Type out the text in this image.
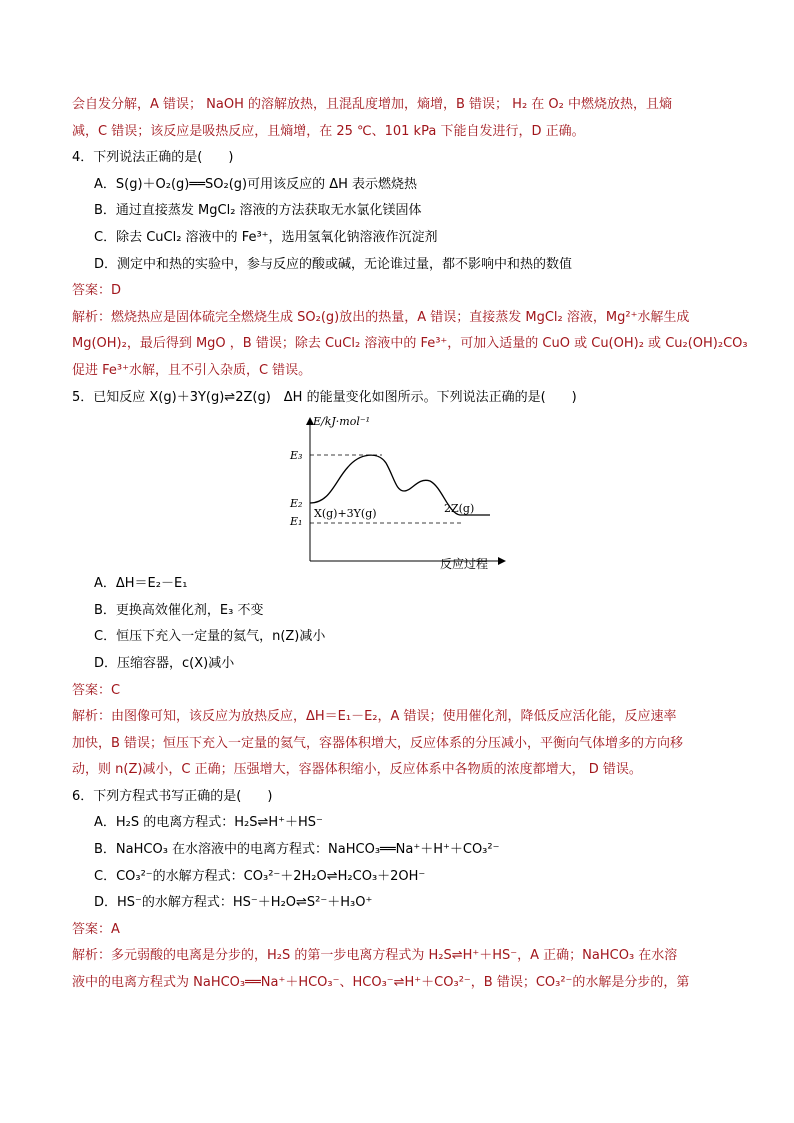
会自发分解，A 错误； NaOH 的溶解放热，且混乱度增加，熵增，B 错误； H₂ 在 O₂ 中燃烧放热，且熵
减，C 错误；该反应是吸热反应，且熵增，在 25 ℃、101 kPa 下能自发进行，D 正确。
4．下列说法正确的是(　　)
A．S(g)＋O₂(g)══SO₂(g)可用该反应的 ΔH 表示燃烧热
B．通过直接蒸发 MgCl₂ 溶液的方法获取无水氯化镁固体
C．除去 CuCl₂ 溶液中的 Fe³⁺，选用氢氧化钠溶液作沉淀剂
D．测定中和热的实验中，参与反应的酸或碱，无论谁过量，都不影响中和热的数值
答案：D
解析：燃烧热应是固体硫完全燃烧生成 SO₂(g)放出的热量，A 错误；直接蒸发 MgCl₂ 溶液，Mg²⁺水解生成
Mg(OH)₂，最后得到 MgO ，B 错误；除去 CuCl₂ 溶液中的 Fe³⁺，可加入适量的 CuO 或 Cu(OH)₂ 或 Cu₂(OH)₂CO₃
促进 Fe³⁺水解，且不引入杂质，C 错误。
5．已知反应 X(g)＋3Y(g)⇌2Z(g)　ΔH 的能量变化如图所示。下列说法正确的是(　　)
E/kJ·mol⁻¹
E₃
E₂
E₁
X(g)+3Y(g)	2Z(g)
反应过程
A．ΔH＝E₂－E₁
B．更换高效催化剂，E₃ 不变
C．恒压下充入一定量的氦气，n(Z)减小
D．压缩容器，c(X)减小
答案：C
解析：由图像可知，该反应为放热反应，ΔH＝E₁－E₂，A 错误；使用催化剂，降低反应活化能，反应速率
加快，B 错误；恒压下充入一定量的氦气，容器体积增大，反应体系的分压减小，平衡向气体增多的方向移
动，则 n(Z)减小，C 正确；压强增大，容器体积缩小，反应体系中各物质的浓度都增大， D 错误。
6．下列方程式书写正确的是(　　)
A．H₂S 的电离方程式：H₂S⇌H⁺＋HS⁻
B．NaHCO₃ 在水溶液中的电离方程式：NaHCO₃══Na⁺＋H⁺＋CO₃²⁻
C．CO₃²⁻的水解方程式：CO₃²⁻＋2H₂O⇌H₂CO₃＋2OH⁻
D．HS⁻的水解方程式：HS⁻＋H₂O⇌S²⁻＋H₃O⁺
答案：A
解析：多元弱酸的电离是分步的，H₂S 的第一步电离方程式为 H₂S⇌H⁺＋HS⁻，A 正确；NaHCO₃ 在水溶
液中的电离方程式为 NaHCO₃══Na⁺＋HCO₃⁻、HCO₃⁻⇌H⁺＋CO₃²⁻，B 错误；CO₃²⁻的水解是分步的，第
